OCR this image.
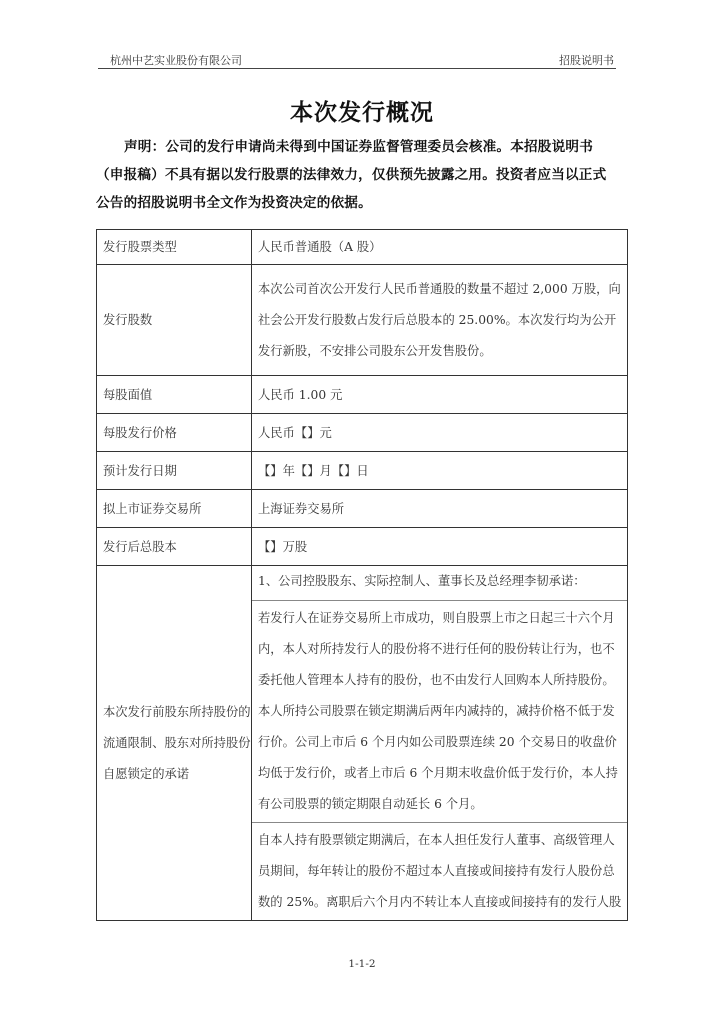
杭州中艺实业股份有限公司	招股说明书
本次发行概况
声明：公司的发行申请尚未得到中国证券监督管理委员会核准。本招股说明书（申报稿）不具有据以发行股票的法律效力，仅供预先披露之用。投资者应当以正式公告的招股说明书全文作为投资决定的依据。
发行股票类型	人民币普通股（A 股）
发行股数	本次公司首次公开发行人民币普通股的数量不超过 2,000 万股，向社会公开发行股数占发行后总股本的 25.00%。本次发行均为公开发行新股，不安排公司股东公开发售股份。
每股面值	人民币 1.00 元
每股发行价格	人民币【】元
预计发行日期	【】年【】月【】日
拟上市证券交易所	上海证券交易所
发行后总股本	【】万股
本次发行前股东所持股份的流通限制、股东对所持股份自愿锁定的承诺	1、公司控股股东、实际控制人、董事长及总经理李韧承诺：
若发行人在证券交易所上市成功，则自股票上市之日起三十六个月内，本人对所持发行人的股份将不进行任何的股份转让行为，也不委托他人管理本人持有的股份，也不由发行人回购本人所持股份。本人所持公司股票在锁定期满后两年内减持的，减持价格不低于发行价。公司上市后 6 个月内如公司股票连续 20 个交易日的收盘价均低于发行价，或者上市后 6 个月期末收盘价低于发行价，本人持有公司股票的锁定期限自动延长 6 个月。
自本人持有股票锁定期满后，在本人担任发行人董事、高级管理人员期间，每年转让的股份不超过本人直接或间接持有发行人股份总数的 25%。离职后六个月内不转让本人直接或间接持有的发行人股
1-1-2
